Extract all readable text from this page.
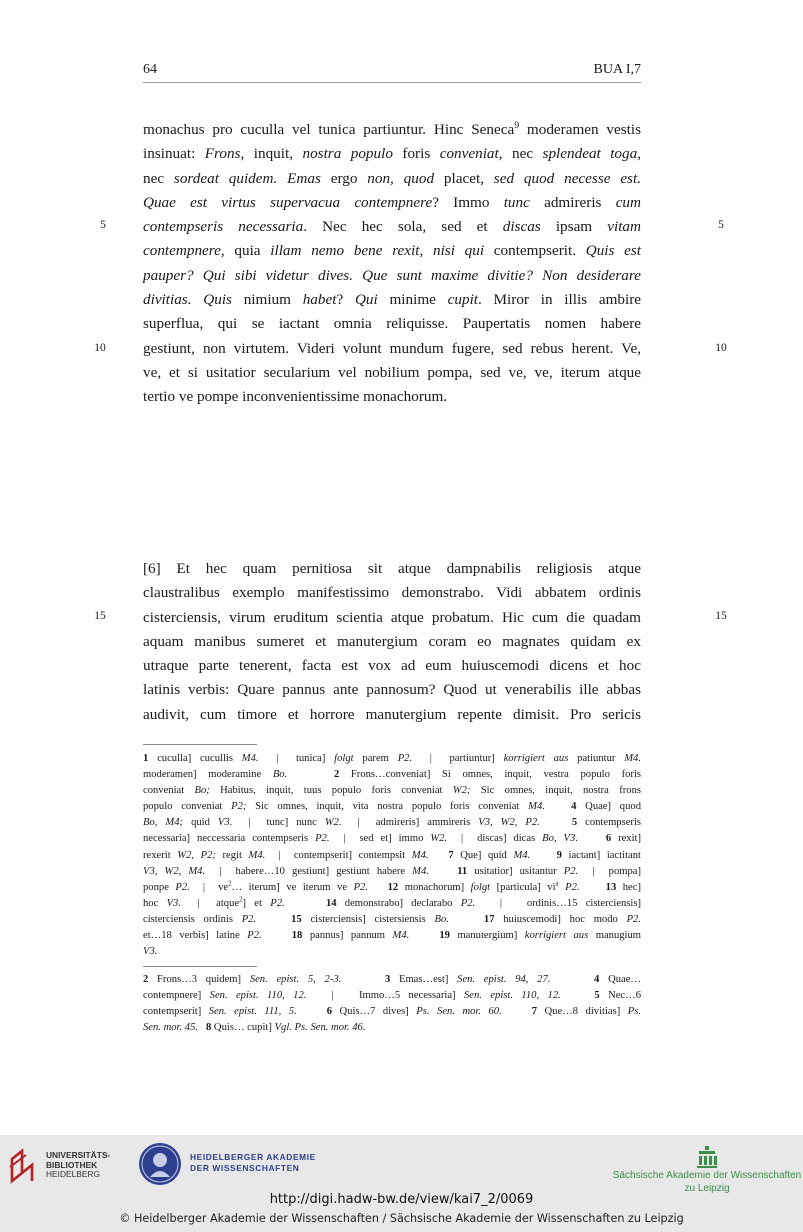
64	BUA I,7
5	5
10	10
15	15
monachus pro cuculla vel tunica partiuntur. Hinc Seneca$^9$ moderamen vestis
insinuat: Frons, inquit, nostra populo foris conveniat, nec splendeat toga,
nec sordeat quidem. Emas ergo non, quod placet, sed quod necesse est.
Quae est virtus supervacua contempnere? Immo tunc admireris cum
contempseris necessaria. Nec hec sola, sed et discas ipsam vitam
contempnere, quia illam nemo bene rexit, nisi qui contempserit. Quis est
pauper? Qui sibi videtur dives. Que sunt maxime divitie? Non desiderare
divitias. Quis nimium habet? Qui minime cupit. Miror in illis ambire
superflua, qui se iactant omnia reliquisse. Paupertatis nomen habere
gestiunt, non virtutem. Videri volunt mundum fugere, sed rebus herent. Ve,
ve, et si usitatior secularium vel nobilium pompa, sed ve, ve, iterum atque
tertio ve pompe inconvenientissime monachorum.
[6] Et hec quam pernitiosa sit atque dampnabilis religiosis atque
claustralibus exemplo manifestissimo demonstrabo. Vidi abbatem ordinis
cisterciensis, virum eruditum scientia atque probatum. Hic cum die quadam
aquam manibus sumeret et manutergium coram eo magnates quidam ex
utraque parte tenerent, facta est vox ad eum huiuscemodi dicens et hoc
latinis verbis: Quare pannus ante pannosum? Quod ut venerabilis ille abbas
audivit, cum timore et horrore manutergium repente dimisit. Pro sericis
1 cuculla] cucullis M4.  |  tunica] folgt parem P2.  |  partiuntur] korrigiert aus patiuntur M4.
moderamen] moderamine Bo.	2 Frons…conveniat] Si omnes, inquit, vestra populo foris
conveniat Bo; Habitus, inquit, tuus populo foris conveniat W2; Sic omnes, inquit, nostra frons
populo conveniat P2; Sic omnes, inquit, vita nostra populo foris conveniat M4. 4 Quae] quod
Bo, M4; quid V3.  |  tunc] nunc W2.  |  admireris] ammireris V3, W2, P2.	5 contempseris
necessaria] neccessaria contempseris P2.  |  sed et] immo W2.  |  discas] dicas Bo, V3.	6 rexit]
rexerit W2, P2; regit M4.  |  contempserit] contempsit M4. 7 Que] quid M4. 9 iactant] iactitant
V3, W2, M4.  |  habere…10 gestiunt] gestiunt habere M4.	11 usitatior] usitantur P2.  |  pompa]
ponpe P2.  |  $ve^2\dots$ iterum] ve iterum ve P2. 12 monachorum] folgt [particula] $vi^a$ P2. 13 hec]
hoc V3.  |  atque$^2$] et P2.	14 demonstrabo] declarabo P2.   |   ordinis…15 cisterciensis]
cisterciensis ordinis P2.	15 cisterciensis] cistersiensis Bo.	17 huiuscemodi] hoc modo P2.
et…18 verbis] latine P2.	18 pannus] pannum M4.	19 manutergium] korrigiert aus manugium
V3.
2 Frons…3 quidem] Sen. epist. 5, 2-3.	3 Emas…est] Sen. epist. 94, 27.	4 Quae…
contempnere] Sen. epist. 110, 12.   |   Immo…5 necessaria] Sen. epist. 110, 12.	5 Nec…6
contempserit] Sen. epist. 111, 5.	6 Quis…7 dives] Ps. Sen. mor. 60.	7 Que…8 divitias] Ps.
Sen. mor. 45. 8 Quis… cupit] Vgl. Ps. Sen. mor. 46.
UNIVERSITÄTS-
BIBLIOTHEK
HEIDELBERG
HEIDELBERGER AKADEMIE
DER WISSENSCHAFTEN
Sächsische Akademie der Wissenschaften
zu Leipzig
http://digi.hadw-bw.de/view/kai7_2/0069
© Heidelberger Akademie der Wissenschaften / Sächsische Akademie der Wissenschaften zu Leipzig
